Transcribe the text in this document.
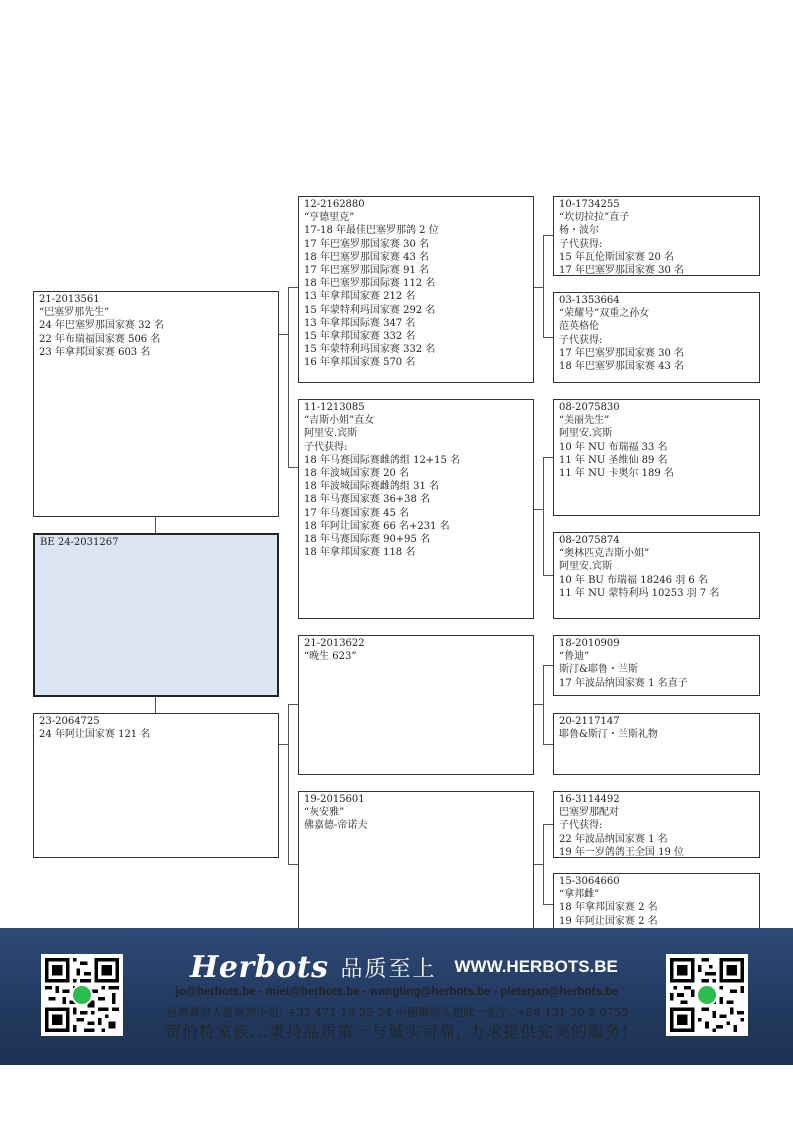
21-2013561
“巴塞罗那先生”
24 年巴塞罗那国家赛 32 名
22 年布瑞福国家赛 506 名
23 年拿邦国家赛 603 名
BE 24-2031267
23-2064725
24 年阿让国家赛 121 名
12-2162880
“亨德里克”
17-18 年最佳巴塞罗那鸽 2 位
17 年巴塞罗那国家赛 30 名
18 年巴塞罗那国家赛 43 名
17 年巴塞罗那国际赛 91 名
18 年巴塞罗那国际赛 112 名
13 年拿邦国家赛 212 名
15 年蒙特利玛国家赛 292 名
13 年拿邦国际赛 347 名
15 年拿邦国家赛 332 名
15 年蒙特利玛国家赛 332 名
16 年拿邦国家赛 570 名
11-1213085
“吉斯小姐”直女
阿里安.宾斯
子代获得:
18 年马赛国际赛雌鸽组 12+15 名
18 年波城国家赛 20 名
18 年波城国际赛雌鸽组 31 名
18 年马赛国家赛 36+38 名
17 年马赛国家赛 45 名
18 年阿让国家赛 66 名+231 名
18 年马赛国际赛 90+95 名
18 年拿邦国家赛 118 名
21-2013622
“晚生 623”
19-2015601
“灰安雅”
佛嘉德-帝诺夫
10-1734255
“坎切拉拉”直子
杨・波尔
子代获得:
15 年瓦伦斯国家赛 20 名
17 年巴塞罗那国家赛 30 名
03-1353664
“荣耀号”双重之孙女
范英格伦
子代获得:
17 年巴塞罗那国家赛 30 名
18 年巴塞罗那国家赛 43 名
08-2075830
“美丽先生”
阿里安.宾斯
10 年 NU 布瑞福 33 名
11 年 NU 圣维仙 89 名
11 年 NU 卡奥尔 189 名
08-2075874
“奥林匹克吉斯小姐”
阿里安.宾斯
10 年 BU 布瑞福 18246 羽 6 名
11 年 NU 蒙特利玛 10253 羽 7 名
18-2010909
“鲁迪”
斯汀&耶鲁・兰斯
17 年波品纳国家赛 1 名直子
20-2117147
耶鲁&斯汀・兰斯礼物
16-3114492
巴塞罗那配对
子代获得:
22 年波品纳国家赛 1 名
19 年一岁鸽鸽王全国 19 位
15-3064660
“拿邦雌”
18 年拿邦国家赛 2 名
19 年阿让国家赛 2 名
Herbots 品质至上 WWW.HERBOTS.BE
jo@herbots.be - miet@herbots.be - wangting@herbots.be - pieterjan@herbots.be
台灣聯絡人盧婉婷小姐: +32 471 19 55 24 中國聯絡人趙昧一先生: +86 131 20 5 0755
贺伯特家族...秉持品质第一与诚实可靠, 力求提供完美的服务!
